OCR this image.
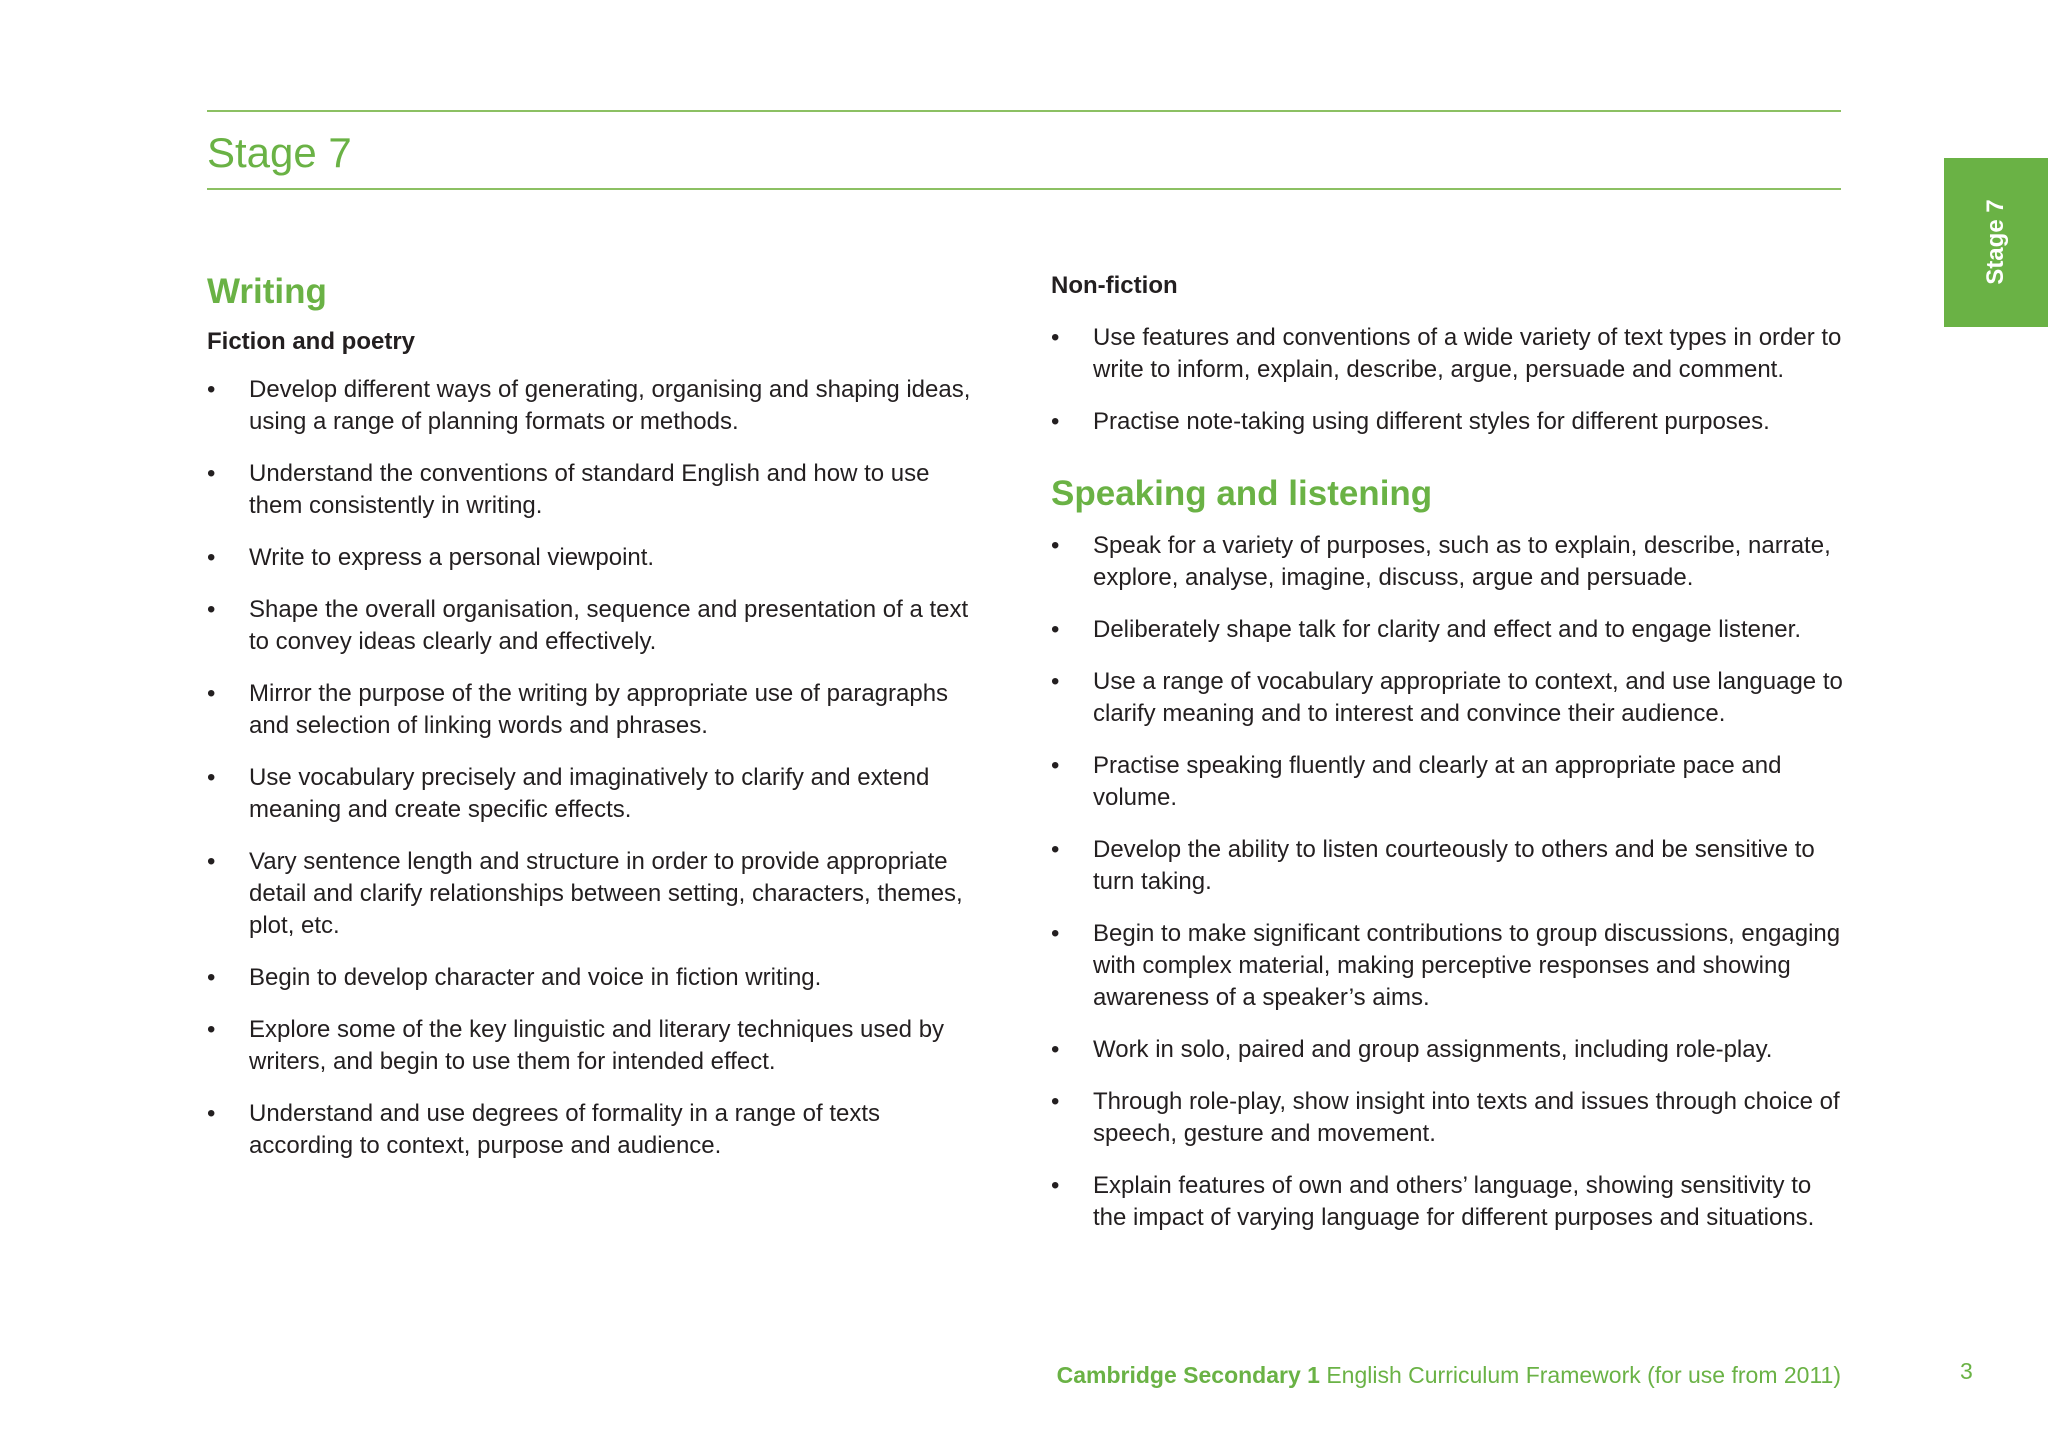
Stage 7
Stage 7
Writing
Fiction and poetry
• Develop different ways of generating, organising and shaping ideas, using a range of planning formats or methods.
• Understand the conventions of standard English and how to use them consistently in writing.
• Write to express a personal viewpoint.
• Shape the overall organisation, sequence and presentation of a text to convey ideas clearly and effectively.
• Mirror the purpose of the writing by appropriate use of paragraphs and selection of linking words and phrases.
• Use vocabulary precisely and imaginatively to clarify and extend meaning and create specific effects.
• Vary sentence length and structure in order to provide appropriate detail and clarify relationships between setting, characters, themes, plot, etc.
• Begin to develop character and voice in fiction writing.
• Explore some of the key linguistic and literary techniques used by writers, and begin to use them for intended effect.
• Understand and use degrees of formality in a range of texts according to context, purpose and audience.
Non-fiction
• Use features and conventions of a wide variety of text types in order to write to inform, explain, describe, argue, persuade and comment.
• Practise note-taking using different styles for different purposes.
Speaking and listening
• Speak for a variety of purposes, such as to explain, describe, narrate, explore, analyse, imagine, discuss, argue and persuade.
• Deliberately shape talk for clarity and effect and to engage listener.
• Use a range of vocabulary appropriate to context, and use language to clarify meaning and to interest and convince their audience.
• Practise speaking fluently and clearly at an appropriate pace and volume.
• Develop the ability to listen courteously to others and be sensitive to turn taking.
• Begin to make significant contributions to group discussions, engaging with complex material, making perceptive responses and showing awareness of a speaker’s aims.
• Work in solo, paired and group assignments, including role-play.
• Through role-play, show insight into texts and issues through choice of speech, gesture and movement.
• Explain features of own and others’ language, showing sensitivity to the impact of varying language for different purposes and situations.
Cambridge Secondary 1 English Curriculum Framework (for use from 2011)	3
